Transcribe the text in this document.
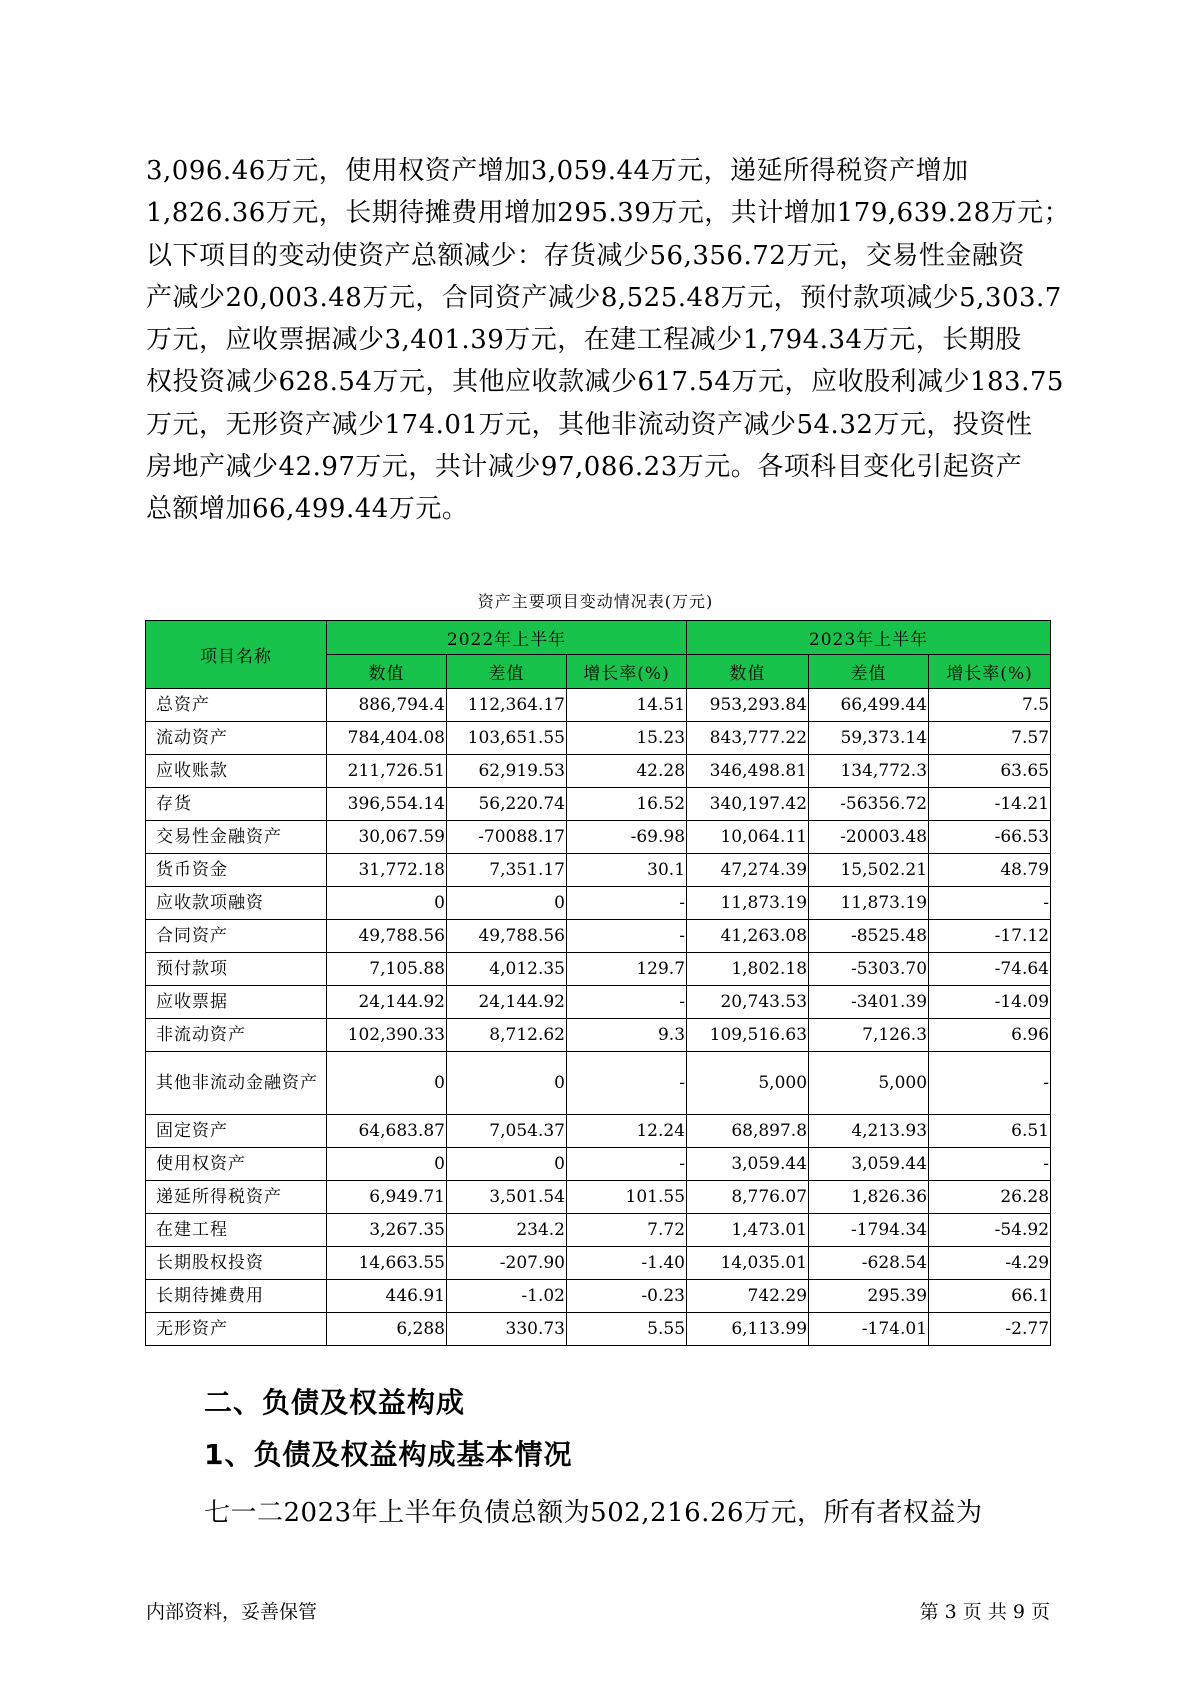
3,096.46万元，使用权资产增加3,059.44万元，递延所得税资产增加

1,826.36万元，长期待摊费用增加295.39万元，共计增加179,639.28万元；

以下项目的变动使资产总额减少：存货减少56,356.72万元，交易性金融资

产减少20,003.48万元，合同资产减少8,525.48万元，预付款项减少5,303.7

万元，应收票据减少3,401.39万元，在建工程减少1,794.34万元，长期股

权投资减少628.54万元，其他应收款减少617.54万元，应收股利减少183.75

万元，无形资产减少174.01万元，其他非流动资产减少54.32万元，投资性

房地产减少42.97万元，共计减少97,086.23万元。各项科目变化引起资产

总额增加66,499.44万元。

资产主要项目变动情况表(万元)
项目名称	2022年上半年			2023年上半年		
	数值	差值	增长率(%)	数值	差值	增长率(%)
总资产	886,794.4	112,364.17	14.51	953,293.84	66,499.44	7.5
流动资产	784,404.08	103,651.55	15.23	843,777.22	59,373.14	7.57
应收账款	211,726.51	62,919.53	42.28	346,498.81	134,772.3	63.65
存货	396,554.14	56,220.74	16.52	340,197.42	-56356.72	-14.21
交易性金融资产	30,067.59	-70088.17	-69.98	10,064.11	-20003.48	-66.53
货币资金	31,772.18	7,351.17	30.1	47,274.39	15,502.21	48.79
应收款项融资	0	0	-	11,873.19	11,873.19	-
合同资产	49,788.56	49,788.56	-	41,263.08	-8525.48	-17.12
预付款项	7,105.88	4,012.35	129.7	1,802.18	-5303.70	-74.64
应收票据	24,144.92	24,144.92	-	20,743.53	-3401.39	-14.09
非流动资产	102,390.33	8,712.62	9.3	109,516.63	7,126.3	6.96
其他非流动金融资产	0	0	-	5,000	5,000	-
固定资产	64,683.87	7,054.37	12.24	68,897.8	4,213.93	6.51
使用权资产	0	0	-	3,059.44	3,059.44	-
递延所得税资产	6,949.71	3,501.54	101.55	8,776.07	1,826.36	26.28
在建工程	3,267.35	234.2	7.72	1,473.01	-1794.34	-54.92
长期股权投资	14,663.55	-207.90	-1.40	14,035.01	-628.54	-4.29
长期待摊费用	446.91	-1.02	-0.23	742.29	295.39	66.1
无形资产	6,288	330.73	5.55	6,113.99	-174.01	-2.77
二、负债及权益构成
1、负债及权益构成基本情况
七一二2023年上半年负债总额为502,216.26万元，所有者权益为
内部资料，妥善保管	第 3 页 共 9 页
